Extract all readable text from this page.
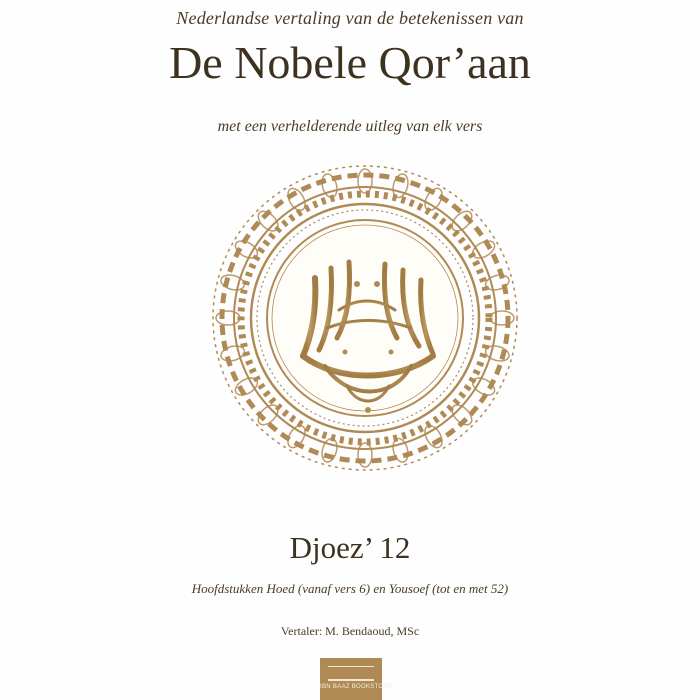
Nederlandse vertaling van de betekenissen van
De Nobele Qor’aan
met een verhelderende uitleg van elk vers
Djoez’ 12
Hoofdstukken Hoed (vanaf vers 6) en Yousoef (tot en met 52)
Vertaler: M. Bendaoud, MSc
IBN BAAZ BOOKSTORE
